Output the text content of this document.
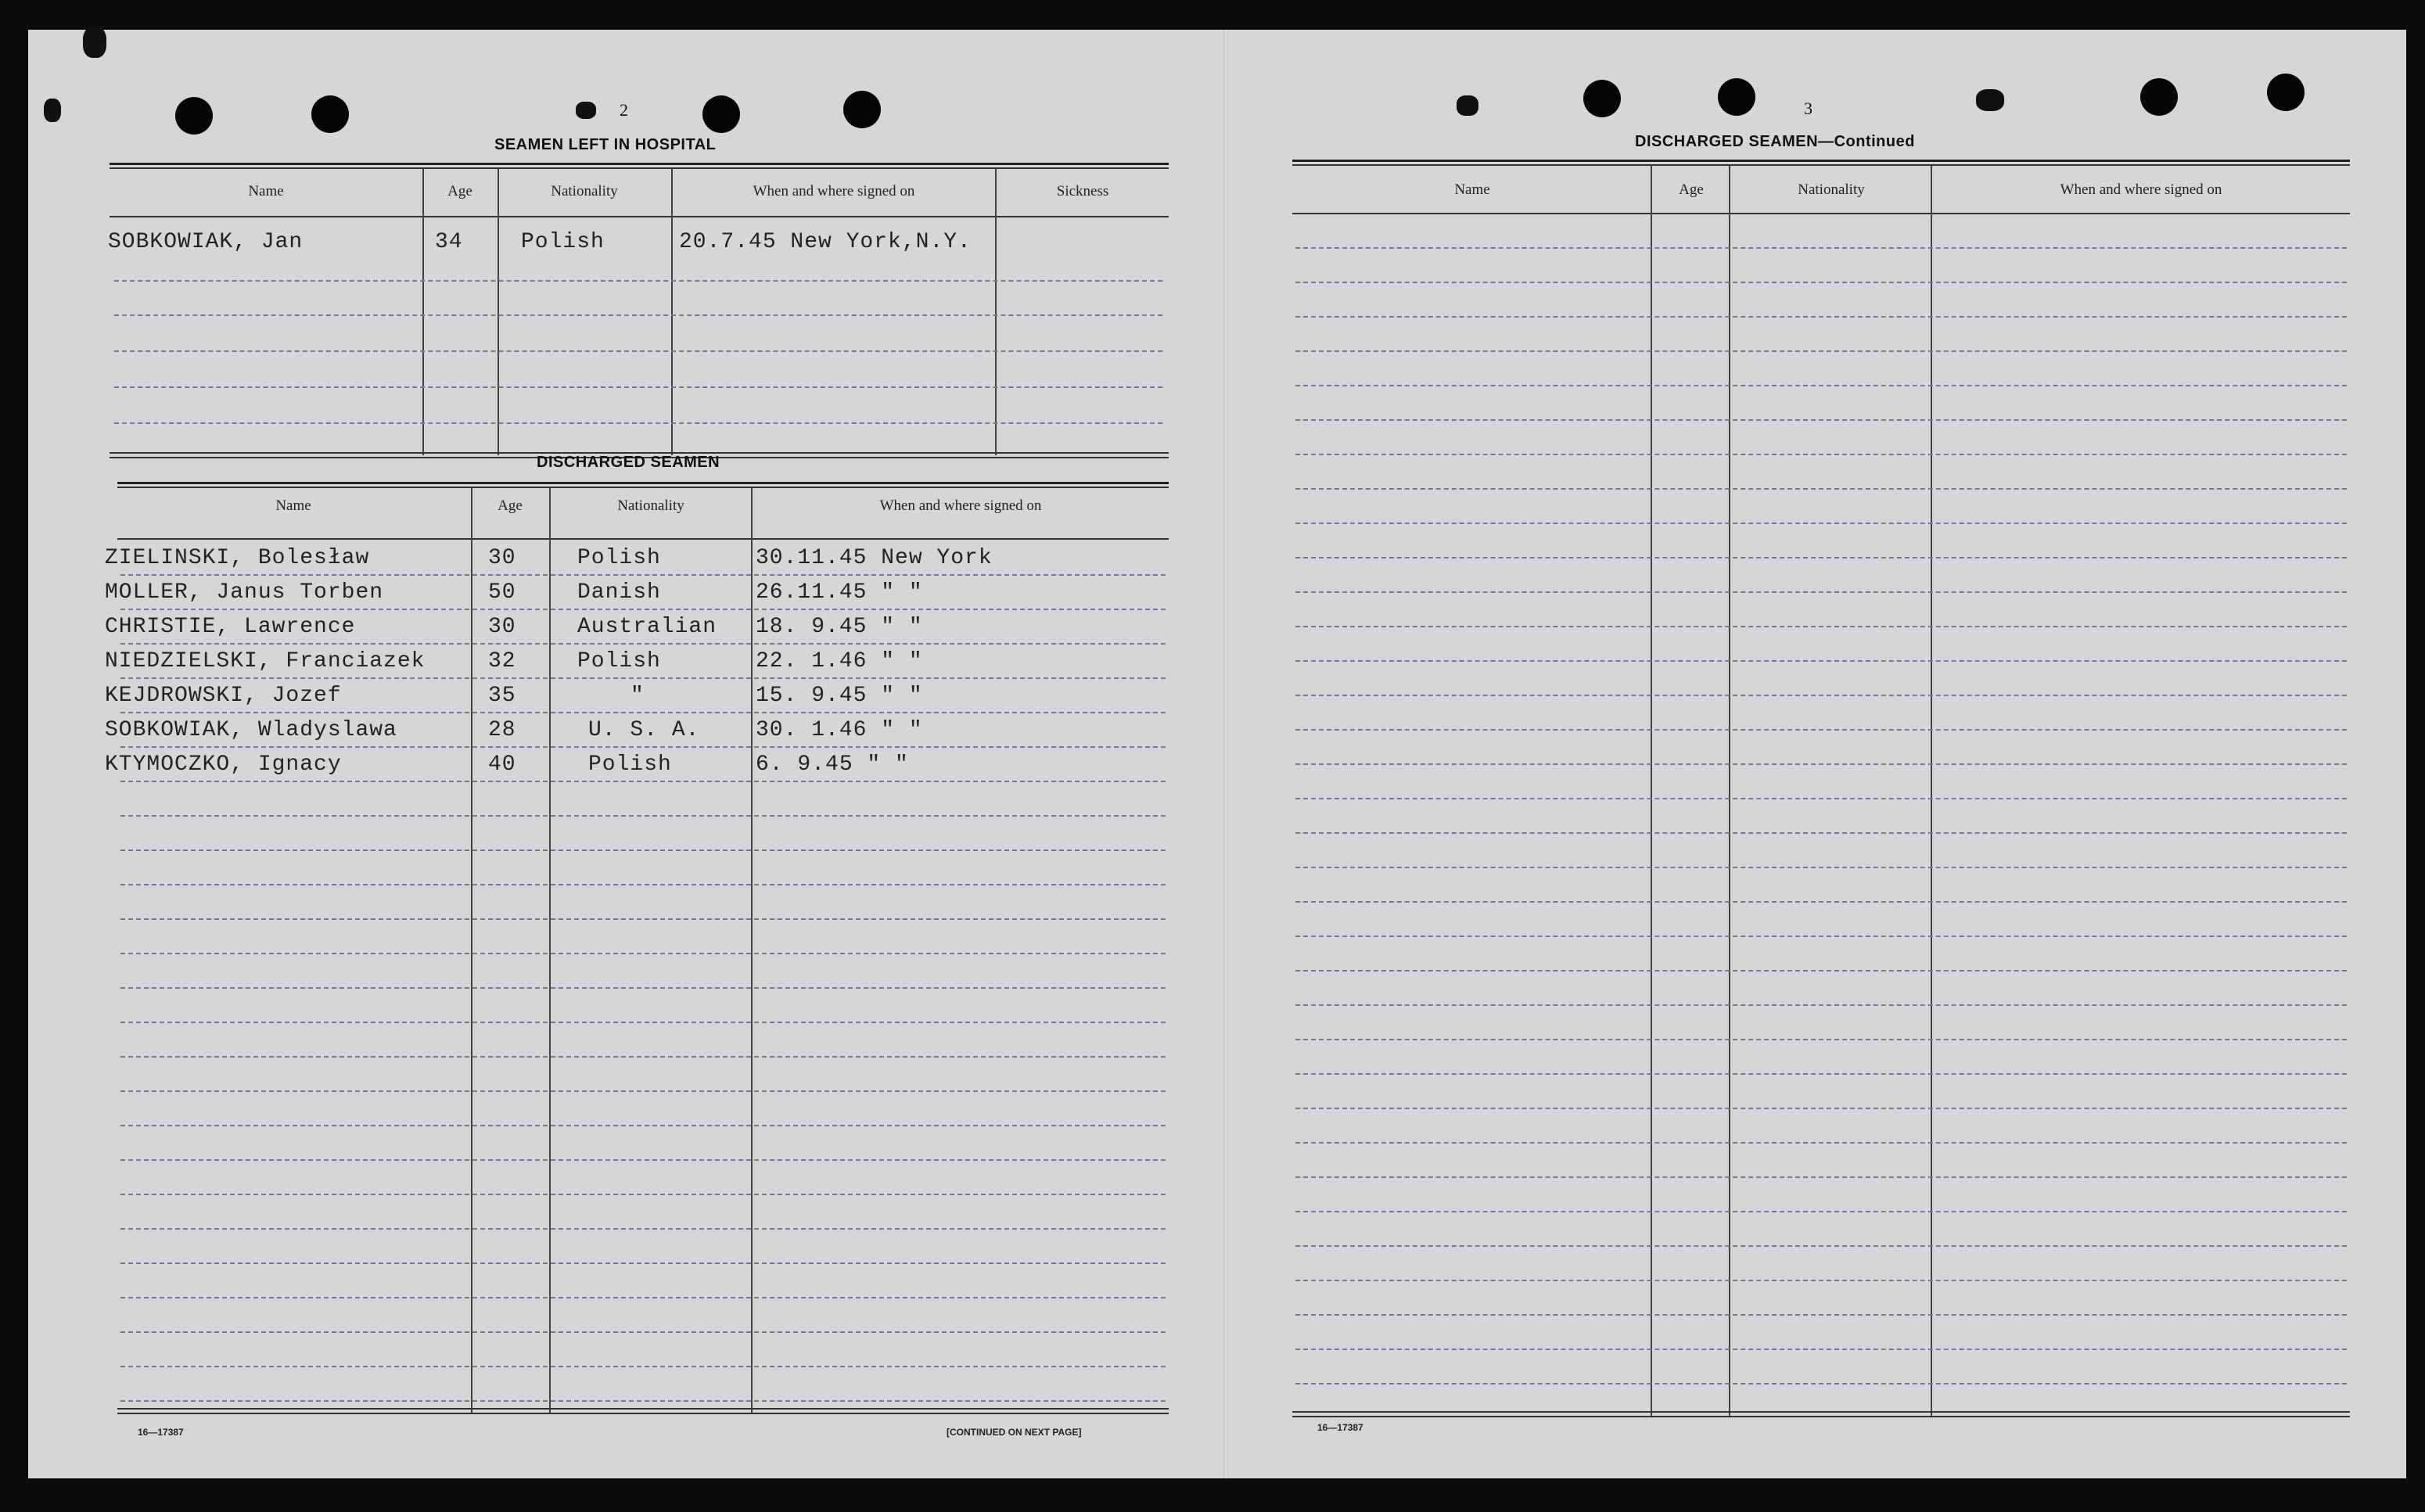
2
SEAMEN LEFT IN HOSPITAL
Name	Age	Nationality	When and where signed on	Sickness
SOBKOWIAK, Jan	34	Polish	20.7.45 New York,N.Y.
DISCHARGED SEAMEN
Name	Age	Nationality	When and where signed on
ZIELINSKI, Bolesław	30	Polish	30.11.45 New York
MOLLER, Janus Torben	50	Danish	26.11.45 " "
CHRISTIE, Lawrence	30	Australian 18. 9.45 " "
NIEDZIELSKI, Franciazek	32	Polish	22. 1.46 " "
KEJDROWSKI, Jozef	35	"	15. 9.45 " "
SOBKOWIAK, Wladyslawa	28	U. S. A.	30. 1.46 " "
KTYMOCZKO, Ignacy	40	Polish	6. 9.45 " "
16—17387	[CONTINUED ON NEXT PAGE]
3
DISCHARGED SEAMEN—Continued
Name	Age	Nationality	When and where signed on
16—17387
